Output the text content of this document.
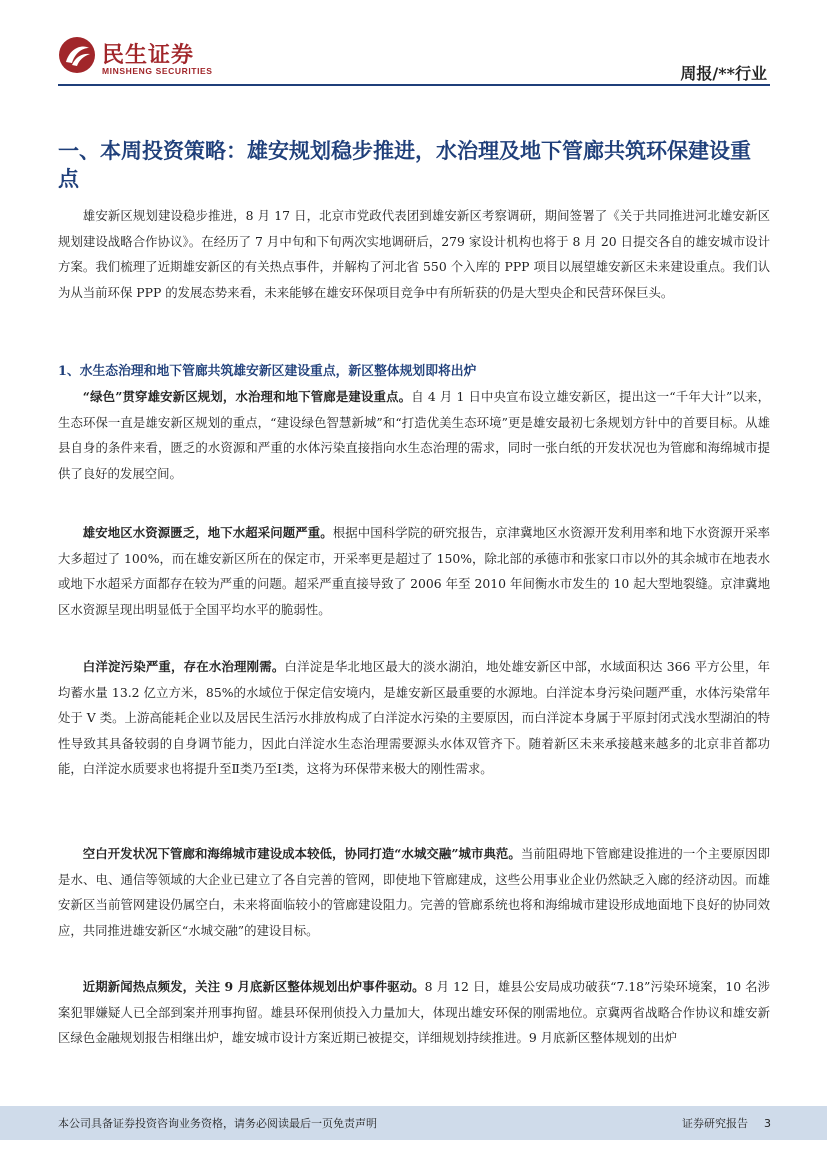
民生证券
MINSHENG SECURITIES	周报/**行业
一、本周投资策略：雄安规划稳步推进，水治理及地下管廊共筑环保建设重点

雄安新区规划建设稳步推进，8 月 17 日，北京市党政代表团到雄安新区考察调研，期间签署了《关于共同推进河北雄安新区规划建设战略合作协议》。在经历了 7 月中旬和下旬两次实地调研后，279 家设计机构也将于 8 月 20 日提交各自的雄安城市设计方案。我们梳理了近期雄安新区的有关热点事件，并解构了河北省 550 个入库的 PPP 项目以展望雄安新区未来建设重点。我们认为从当前环保 PPP 的发展态势来看，未来能够在雄安环保项目竞争中有所斩获的仍是大型央企和民营环保巨头。

1、水生态治理和地下管廊共筑雄安新区建设重点，新区整体规划即将出炉

“绿色”贯穿雄安新区规划，水治理和地下管廊是建设重点。自 4 月 1 日中央宣布设立雄安新区，提出这一“千年大计”以来，生态环保一直是雄安新区规划的重点，“建设绿色智慧新城”和“打造优美生态环境”更是雄安最初七条规划方针中的首要目标。从雄县自身的条件来看，匮乏的水资源和严重的水体污染直接指向水生态治理的需求，同时一张白纸的开发状况也为管廊和海绵城市提供了良好的发展空间。

雄安地区水资源匮乏，地下水超采问题严重。根据中国科学院的研究报告，京津冀地区水资源开发利用率和地下水资源开采率大多超过了 100%，而在雄安新区所在的保定市，开采率更是超过了 150%，除北部的承德市和张家口市以外的其余城市在地表水或地下水超采方面都存在较为严重的问题。超采严重直接导致了 2006 年至 2010 年间衡水市发生的 10 起大型地裂缝。京津冀地区水资源呈现出明显低于全国平均水平的脆弱性。

白洋淀污染严重，存在水治理刚需。白洋淀是华北地区最大的淡水湖泊，地处雄安新区中部，水域面积达 366 平方公里，年均蓄水量 13.2 亿立方米，85%的水域位于保定信安境内，是雄安新区最重要的水源地。白洋淀本身污染问题严重，水体污染常年处于 V 类。上游高能耗企业以及居民生活污水排放构成了白洋淀水污染的主要原因，而白洋淀本身属于平原封闭式浅水型湖泊的特性导致其具备较弱的自身调节能力，因此白洋淀水生态治理需要源头水体双管齐下。随着新区未来承接越来越多的北京非首都功能，白洋淀水质要求也将提升至Ⅱ类乃至Ⅰ类，这将为环保带来极大的刚性需求。

空白开发状况下管廊和海绵城市建设成本较低，协同打造“水城交融”城市典范。当前阻碍地下管廊建设推进的一个主要原因即是水、电、通信等领域的大企业已建立了各自完善的管网，即使地下管廊建成，这些公用事业企业仍然缺乏入廊的经济动因。而雄安新区当前管网建设仍属空白，未来将面临较小的管廊建设阻力。完善的管廊系统也将和海绵城市建设形成地面地下良好的协同效应，共同推进雄安新区“水城交融”的建设目标。

近期新闻热点频发，关注 9 月底新区整体规划出炉事件驱动。8 月 12 日，雄县公安局成功破获“7.18”污染环境案，10 名涉案犯罪嫌疑人已全部到案并刑事拘留。雄县环保刑侦投入力量加大，体现出雄安环保的刚需地位。京冀两省战略合作协议和雄安新区绿色金融规划报告相继出炉，雄安城市设计方案近期已被提交，详细规划持续推进。9 月底新区整体规划的出炉

本公司具备证券投资咨询业务资格，请务必阅读最后一页免责声明	证券研究报告 3
